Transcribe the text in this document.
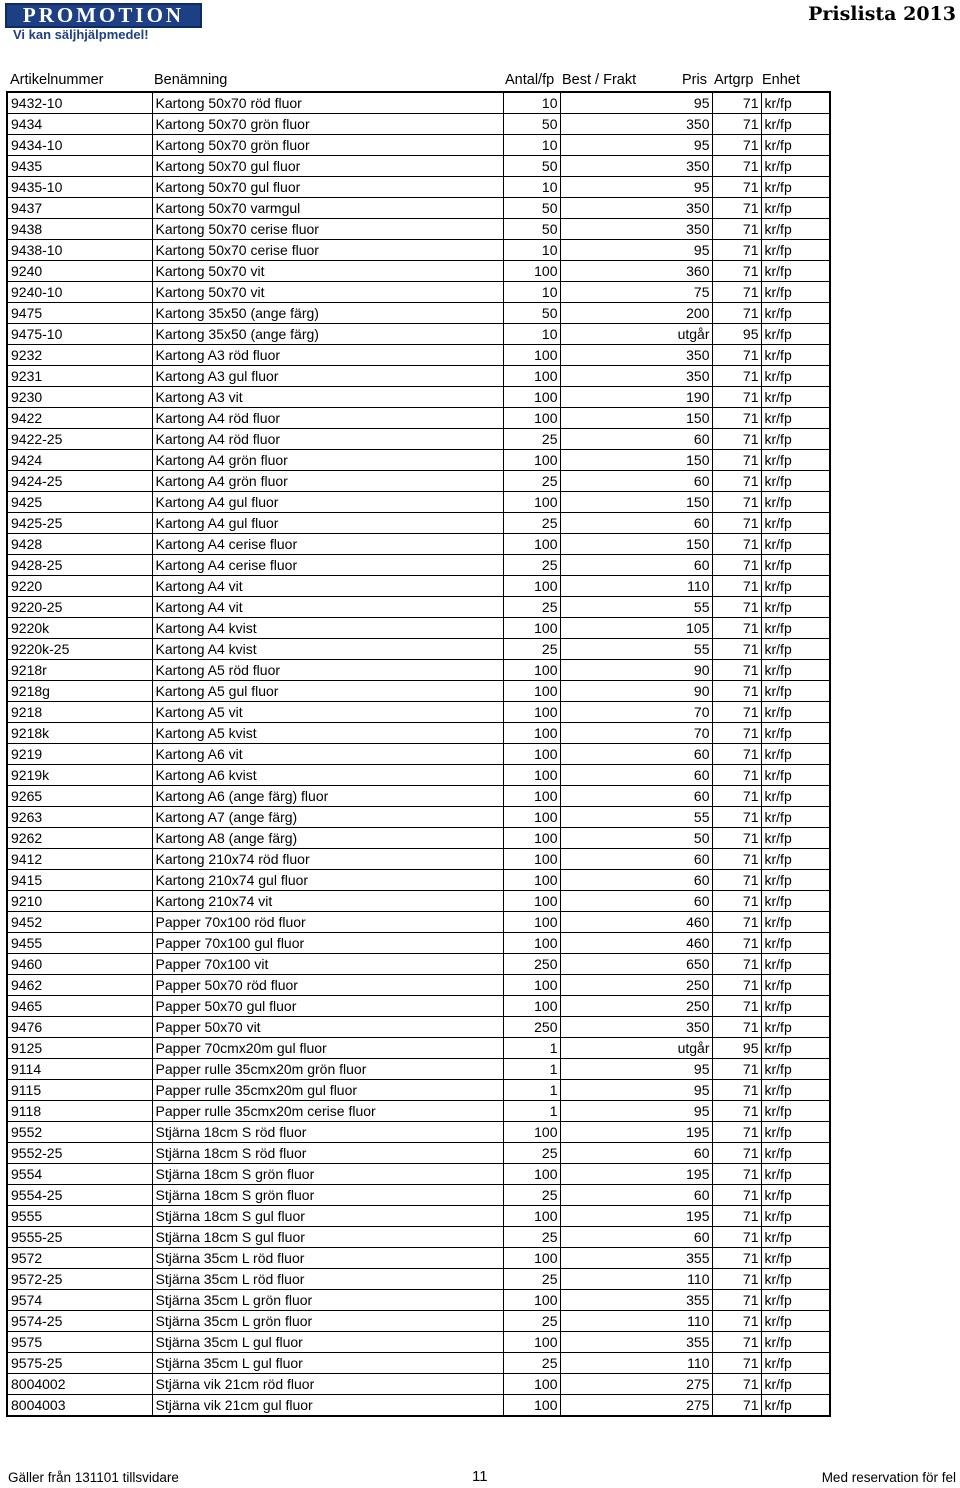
PROMOTION
Vi kan säljhjälpmedel!
Prislista 2013
Artikelnummer	Benämning	Antal/fp Best / Frakt	Pris Artgrp Enhet
9432-10	Kartong 50x70 röd fluor	10	95	71	kr/fp
9434	Kartong 50x70 grön fluor	50	350	71	kr/fp
9434-10	Kartong 50x70 grön fluor	10	95	71	kr/fp
9435	Kartong 50x70 gul fluor	50	350	71	kr/fp
9435-10	Kartong 50x70 gul fluor	10	95	71	kr/fp
9437	Kartong 50x70 varmgul	50	350	71	kr/fp
9438	Kartong 50x70 cerise fluor	50	350	71	kr/fp
9438-10	Kartong 50x70 cerise fluor	10	95	71	kr/fp
9240	Kartong 50x70 vit	100	360	71	kr/fp
9240-10	Kartong 50x70 vit	10	75	71	kr/fp
9475	Kartong 35x50 (ange färg)	50	200	71	kr/fp
9475-10	Kartong 35x50 (ange färg)	10	utgår	95	kr/fp
9232	Kartong A3 röd fluor	100	350	71	kr/fp
9231	Kartong A3 gul fluor	100	350	71	kr/fp
9230	Kartong A3 vit	100	190	71	kr/fp
9422	Kartong A4 röd fluor	100	150	71	kr/fp
9422-25	Kartong A4 röd fluor	25	60	71	kr/fp
9424	Kartong A4 grön fluor	100	150	71	kr/fp
9424-25	Kartong A4 grön fluor	25	60	71	kr/fp
9425	Kartong A4 gul fluor	100	150	71	kr/fp
9425-25	Kartong A4 gul fluor	25	60	71	kr/fp
9428	Kartong A4 cerise fluor	100	150	71	kr/fp
9428-25	Kartong A4 cerise fluor	25	60	71	kr/fp
9220	Kartong A4 vit	100	110	71	kr/fp
9220-25	Kartong A4 vit	25	55	71	kr/fp
9220k	Kartong A4 kvist	100	105	71	kr/fp
9220k-25	Kartong A4 kvist	25	55	71	kr/fp
9218r	Kartong A5 röd fluor	100	90	71	kr/fp
9218g	Kartong A5 gul fluor	100	90	71	kr/fp
9218	Kartong A5 vit	100	70	71	kr/fp
9218k	Kartong A5 kvist	100	70	71	kr/fp
9219	Kartong A6 vit	100	60	71	kr/fp
9219k	Kartong A6 kvist	100	60	71	kr/fp
9265	Kartong A6 (ange färg) fluor	100	60	71	kr/fp
9263	Kartong A7 (ange färg)	100	55	71	kr/fp
9262	Kartong A8 (ange färg)	100	50	71	kr/fp
9412	Kartong 210x74 röd fluor	100	60	71	kr/fp
9415	Kartong 210x74 gul fluor	100	60	71	kr/fp
9210	Kartong 210x74 vit	100	60	71	kr/fp
9452	Papper 70x100 röd fluor	100	460	71	kr/fp
9455	Papper 70x100 gul fluor	100	460	71	kr/fp
9460	Papper 70x100 vit	250	650	71	kr/fp
9462	Papper 50x70 röd fluor	100	250	71	kr/fp
9465	Papper 50x70 gul fluor	100	250	71	kr/fp
9476	Papper 50x70 vit	250	350	71	kr/fp
9125	Papper 70cmx20m gul fluor	1	utgår	95	kr/fp
9114	Papper rulle 35cmx20m grön fluor	1	95	71	kr/fp
9115	Papper rulle 35cmx20m gul fluor	1	95	71	kr/fp
9118	Papper rulle 35cmx20m cerise fluor	1	95	71	kr/fp
9552	Stjärna 18cm S röd fluor	100	195	71	kr/fp
9552-25	Stjärna 18cm S röd fluor	25	60	71	kr/fp
9554	Stjärna 18cm S grön fluor	100	195	71	kr/fp
9554-25	Stjärna 18cm S grön fluor	25	60	71	kr/fp
9555	Stjärna 18cm S gul fluor	100	195	71	kr/fp
9555-25	Stjärna 18cm S gul fluor	25	60	71	kr/fp
9572	Stjärna 35cm L röd fluor	100	355	71	kr/fp
9572-25	Stjärna 35cm L röd fluor	25	110	71	kr/fp
9574	Stjärna 35cm L grön fluor	100	355	71	kr/fp
9574-25	Stjärna 35cm L grön fluor	25	110	71	kr/fp
9575	Stjärna 35cm L gul fluor	100	355	71	kr/fp
9575-25	Stjärna 35cm L gul fluor	25	110	71	kr/fp
8004002	Stjärna vik 21cm röd fluor	100	275	71	kr/fp
8004003	Stjärna vik 21cm gul fluor	100	275	71	kr/fp
Gäller från 131101 tillsvidare	11	Med reservation för fel
